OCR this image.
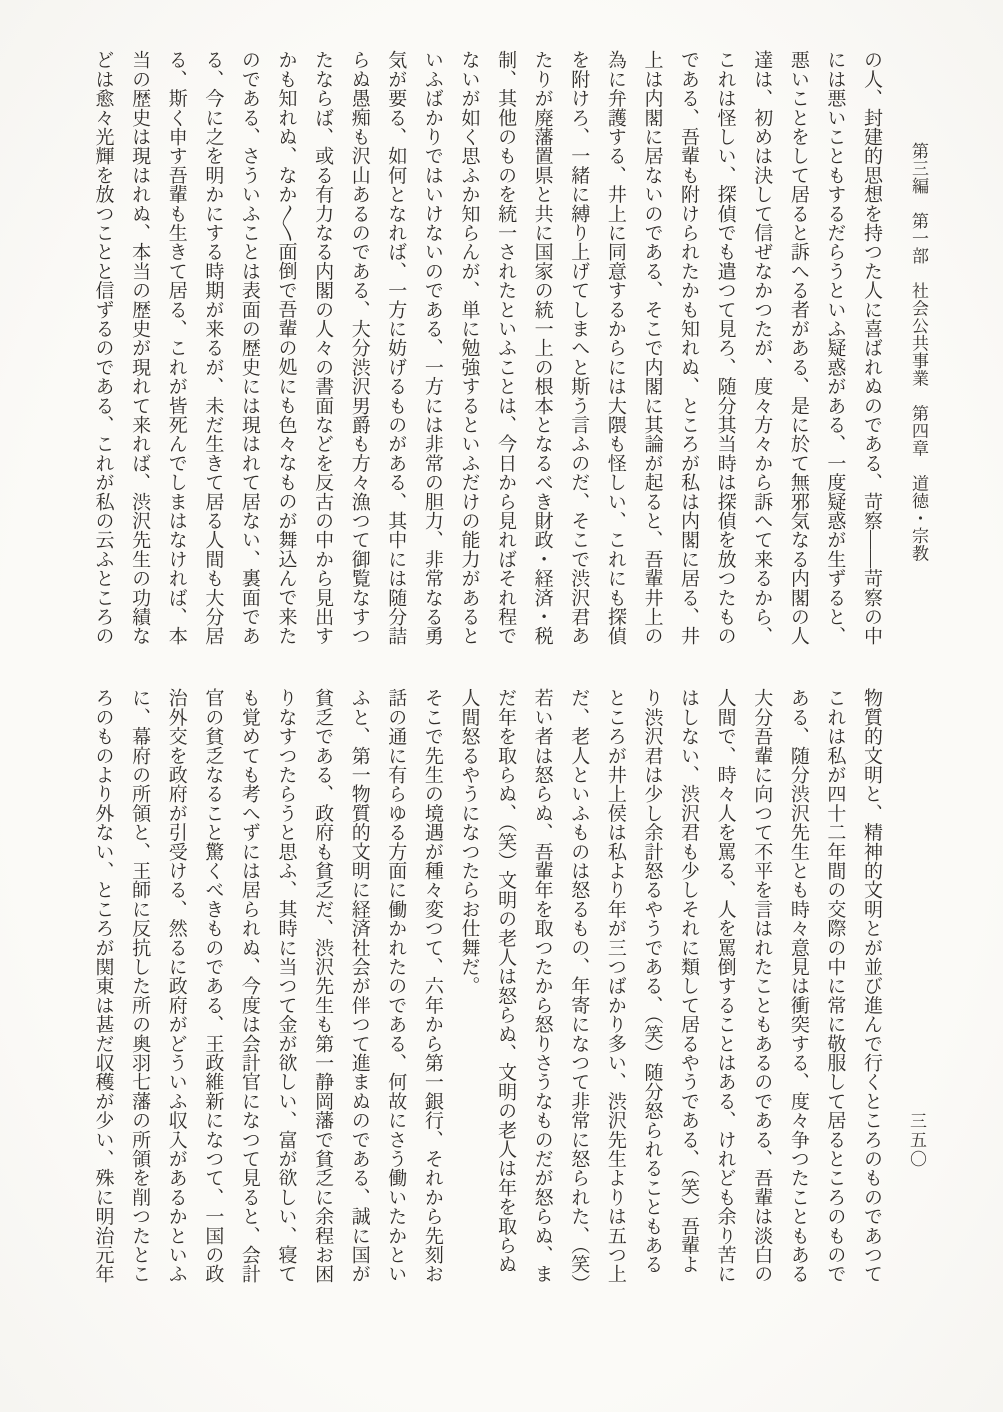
第三編　第一部　社会公共事業　第四章　道徳・宗教
の人、封建的思想を持つた人に喜ばれぬのである、苛察――苛察の中
には悪いこともするだらうといふ疑惑がある、一度疑惑が生ずると、
悪いことをして居ると訴へる者がある、是に於て無邪気なる内閣の人
達は、初めは決して信ぜなかつたが、度々方々から訴へて来るから、
これは怪しい、探偵でも遣つて見ろ、随分其当時は探偵を放つたもの
である、吾輩も附けられたかも知れぬ、ところが私は内閣に居る、井
上は内閣に居ないのである、そこで内閣に其論が起ると、吾輩井上の
為に弁護する、井上に同意するからには大隈も怪しい、これにも探偵
を附けろ、一緒に縛り上げてしまへと斯う言ふのだ、そこで渋沢君あ
たりが廃藩置県と共に国家の統一上の根本となるべき財政・経済・税
制、其他のものを統一されたといふことは、今日から見ればそれ程で
ないが如く思ふか知らんが、単に勉強するといふだけの能力があると
いふばかりではいけないのである、一方には非常の胆力、非常なる勇
気が要る、如何となれば、一方に妨げるものがある、其中には随分詰
らぬ愚痴も沢山あるのである、大分渋沢男爵も方々漁つて御覧なすつ
たならば、或る有力なる内閣の人々の書面などを反古の中から見出す
かも知れぬ、なか〳〵面倒で吾輩の処にも色々なものが舞込んで来た
のである、さういふことは表面の歴史には現はれて居ない、裏面であ
る、今に之を明かにする時期が来るが、未だ生きて居る人間も大分居
る、斯く申す吾輩も生きて居る、これが皆死んでしまはなければ、本
当の歴史は現はれぬ、本当の歴史が現れて来れば、渋沢先生の功績な
どは愈々光輝を放つことと信ずるのである、これが私の云ふところの
物質的文明と、精神的文明とが並び進んで行くところのものであつて
これは私が四十二年間の交際の中に常に敬服して居るところのもので
ある、随分渋沢先生とも時々意見は衝突する、度々争つたこともある
大分吾輩に向つて不平を言はれたこともあるのである、吾輩は淡白の
人間で、時々人を罵る、人を罵倒することはある、けれども余り苦に
はしない、渋沢君も少しそれに類して居るやうである、（笑）吾輩よ
り渋沢君は少し余計怒るやうである、（笑）随分怒られることもある
ところが井上侯は私より年が三つばかり多い、渋沢先生よりは五つ上
だ、老人といふものは怒るもの、年寄になつて非常に怒られた、（笑）
若い者は怒らぬ、吾輩年を取つたから怒りさうなものだが怒らぬ、ま
だ年を取らぬ、（笑）文明の老人は怒らぬ、文明の老人は年を取らぬ
人間怒るやうになつたらお仕舞だ。
そこで先生の境遇が種々変つて、六年から第一銀行、それから先刻お
話の通に有らゆる方面に働かれたのである、何故にさう働いたかとい
ふと、第一物質的文明に経済社会が伴つて進まぬのである、誠に国が
貧乏である、政府も貧乏だ、渋沢先生も第一静岡藩で貧乏に余程お困
りなすつたらうと思ふ、其時に当つて金が欲しい、富が欲しい、寝て
も覚めても考へずには居られぬ、今度は会計官になつて見ると、会計
官の貧乏なること驚くべきものである、王政維新になつて、一国の政
治外交を政府が引受ける、然るに政府がどういふ収入があるかといふ
に、幕府の所領と、王師に反抗した所の奥羽七藩の所領を削つたとこ
ろのものより外ない、ところが関東は甚だ収穫が少い、殊に明治元年	三五〇
